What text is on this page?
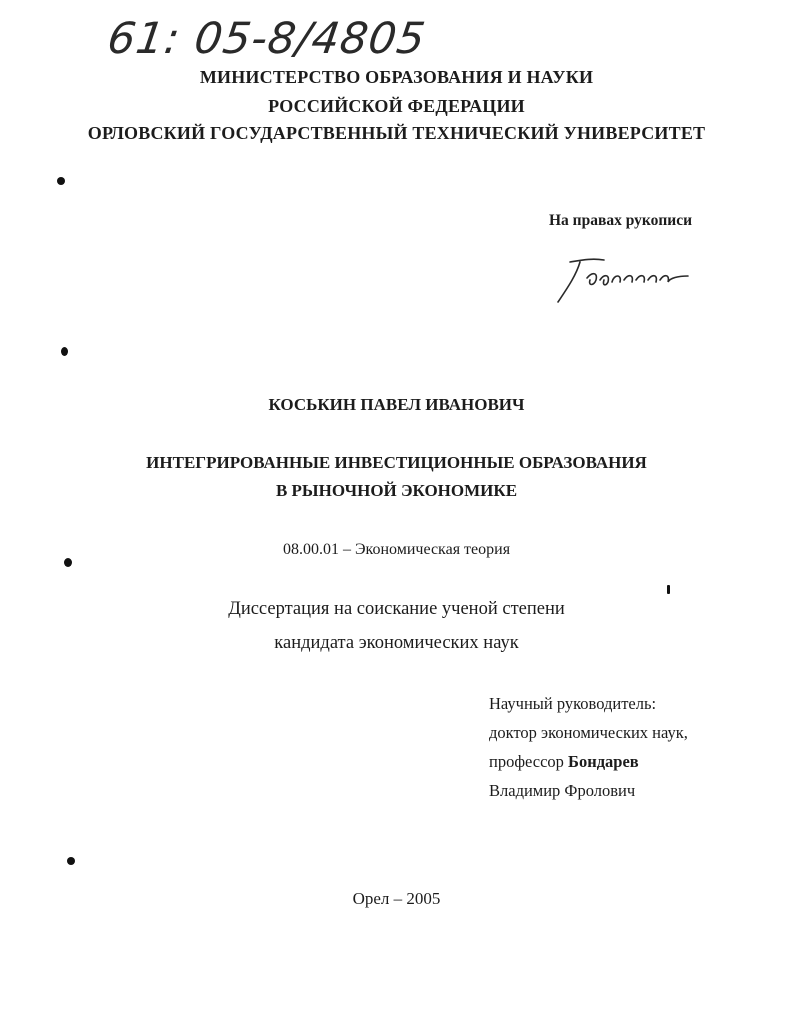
61: 05-8/4805
МИНИСТЕРСТВО ОБРАЗОВАНИЯ И НАУКИ
РОССИЙСКОЙ ФЕДЕРАЦИИ
ОРЛОВСКИЙ ГОСУДАРСТВЕННЫЙ ТЕХНИЧЕСКИЙ УНИВЕРСИТЕТ
На правах рукописи
КОСЬКИН ПАВЕЛ ИВАНОВИЧ
ИНТЕГРИРОВАННЫЕ ИНВЕСТИЦИОННЫЕ ОБРАЗОВАНИЯ
В РЫНОЧНОЙ ЭКОНОМИКЕ
08.00.01 – Экономическая теория
Диссертация на соискание ученой степени
кандидата экономических наук
Научный руководитель:
доктор экономических наук,
профессор Бондарев
Владимир Фролович
Орел – 2005
